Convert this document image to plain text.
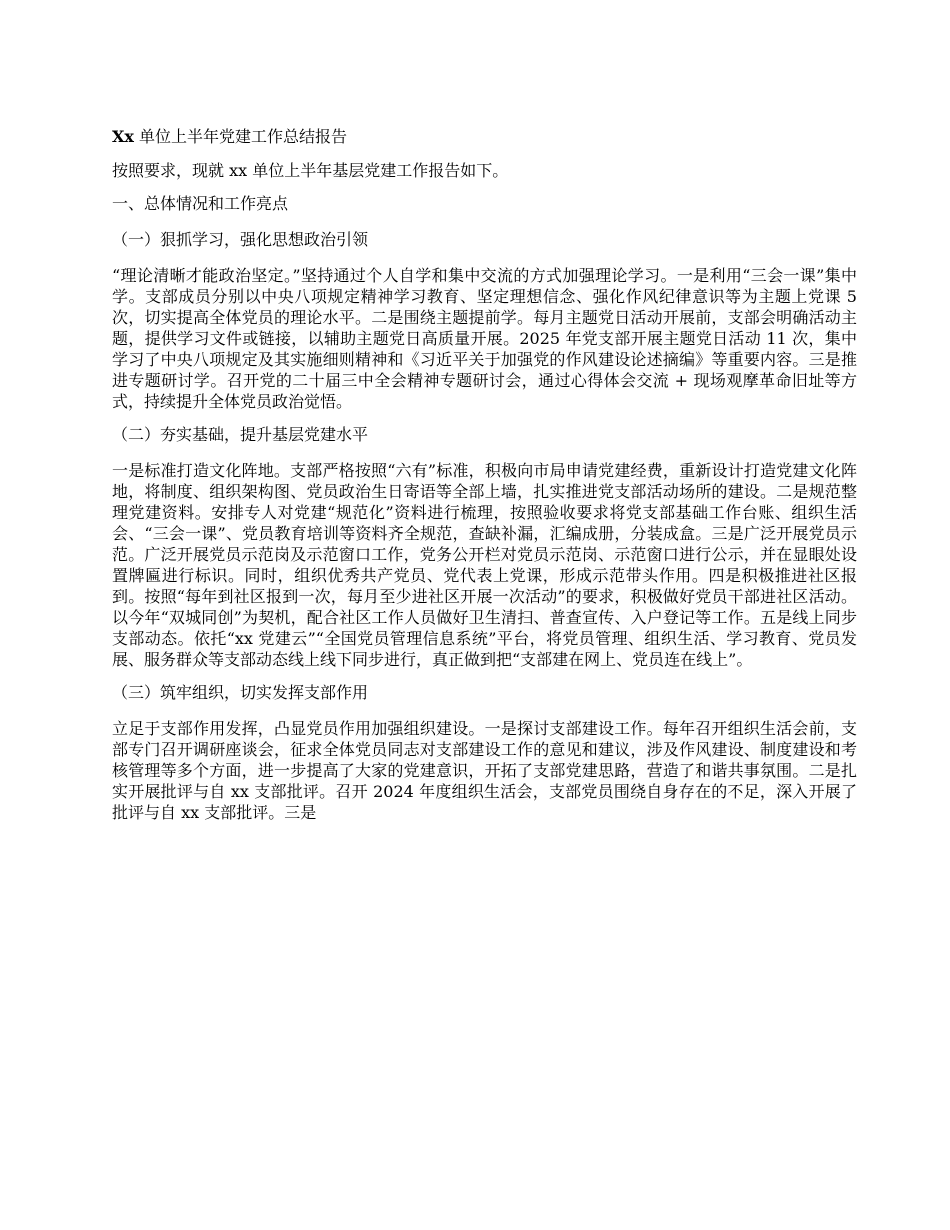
Xx 单位上半年党建工作总结报告
按照要求，现就 xx 单位上半年基层党建工作报告如下。
一、总体情况和工作亮点
（一）狠抓学习，强化思想政治引领
“理论清晰才能政治坚定。”坚持通过个人自学和集中交流的方式加强理论学习。一是利用“三会一课”集中学。支部成员分别以中央八项规定精神学习教育、坚定理想信念、强化作风纪律意识等为主题上党课 5 次，切实提高全体党员的理论水平。二是围绕主题提前学。每月主题党日活动开展前，支部会明确活动主题，提供学习文件或链接，以辅助主题党日高质量开展。2025 年党支部开展主题党日活动 11 次，集中学习了中央八项规定及其实施细则精神和《习近平关于加强党的作风建设论述摘编》等重要内容。三是推进专题研讨学。召开党的二十届三中全会精神专题研讨会，通过心得体会交流 + 现场观摩革命旧址等方式，持续提升全体党员政治觉悟。
（二）夯实基础，提升基层党建水平
一是标准打造文化阵地。支部严格按照“六有”标准，积极向市局申请党建经费，重新设计打造党建文化阵地，将制度、组织架构图、党员政治生日寄语等全部上墙，扎实推进党支部活动场所的建设。二是规范整理党建资料。安排专人对党建“规范化”资料进行梳理，按照验收要求将党支部基础工作台账、组织生活会、“三会一课”、党员教育培训等资料齐全规范，查缺补漏，汇编成册，分装成盒。三是广泛开展党员示范。广泛开展党员示范岗及示范窗口工作，党务公开栏对党员示范岗、示范窗口进行公示，并在显眼处设置牌匾进行标识。同时，组织优秀共产党员、党代表上党课，形成示范带头作用。四是积极推进社区报到。按照“每年到社区报到一次，每月至少进社区开展一次活动”的要求，积极做好党员干部进社区活动。以今年“双城同创”为契机，配合社区工作人员做好卫生清扫、普查宣传、入户登记等工作。五是线上同步支部动态。依托“xx 党建云”“全国党员管理信息系统”平台，将党员管理、组织生活、学习教育、党员发展、服务群众等支部动态线上线下同步进行，真正做到把“支部建在网上、党员连在线上”。
（三）筑牢组织，切实发挥支部作用
立足于支部作用发挥，凸显党员作用加强组织建设。一是探讨支部建设工作。每年召开组织生活会前，支部专门召开调研座谈会，征求全体党员同志对支部建设工作的意见和建议，涉及作风建设、制度建设和考核管理等多个方面，进一步提高了大家的党建意识，开拓了支部党建思路，营造了和谐共事氛围。二是扎实开展批评与自 xx 支部批评。召开 2024 年度组织生活会，支部党员围绕自身存在的不足，深入开展了批评与自 xx 支部批评。三是
